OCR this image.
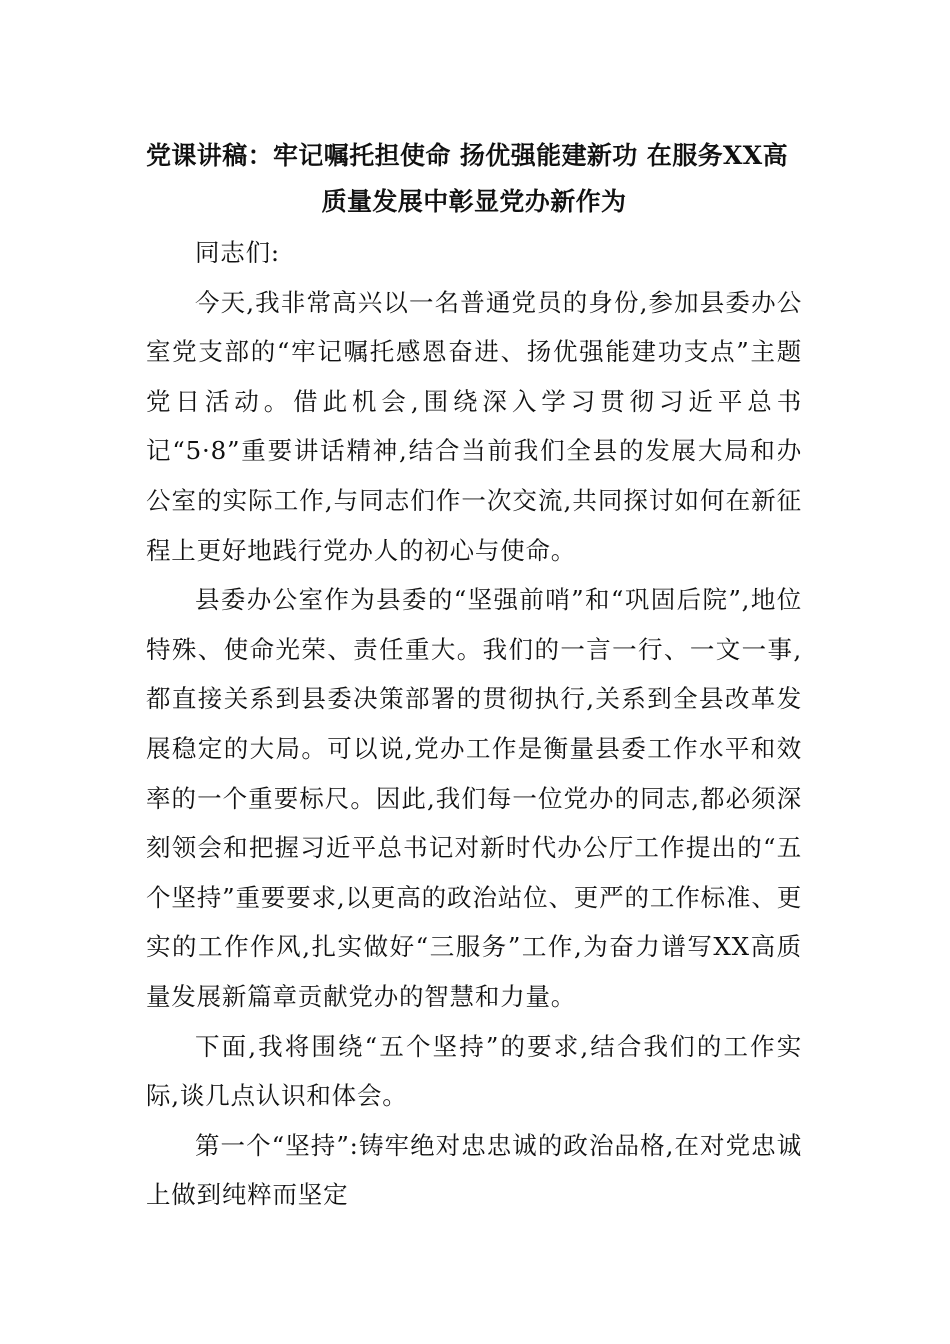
党课讲稿：牢记嘱托担使命 扬优强能建新功 在服务XX高
质量发展中彰显党办新作为

同志们:

今天,我非常高兴以一名普通党员的身份,参加县委办公室党支部的“牢记嘱托感恩奋进、扬优强能建功支点”主题党日活动。借此机会,围绕深入学习贯彻习近平总书记“5·8”重要讲话精神,结合当前我们全县的发展大局和办公室的实际工作,与同志们作一次交流,共同探讨如何在新征程上更好地践行党办人的初心与使命。

县委办公室作为县委的“坚强前哨”和“巩固后院”,地位特殊、使命光荣、责任重大。我们的一言一行、一文一事,都直接关系到县委决策部署的贯彻执行,关系到全县改革发展稳定的大局。可以说,党办工作是衡量县委工作水平和效率的一个重要标尺。因此,我们每一位党办的同志,都必须深刻领会和把握习近平总书记对新时代办公厅工作提出的“五个坚持”重要要求,以更高的政治站位、更严的工作标准、更实的工作作风,扎实做好“三服务”工作,为奋力谱写XX高质量发展新篇章贡献党办的智慧和力量。

下面,我将围绕“五个坚持”的要求,结合我们的工作实际,谈几点认识和体会。

第一个“坚持”:铸牢绝对忠忠诚的政治品格,在对党忠诚上做到纯粹而坚定
